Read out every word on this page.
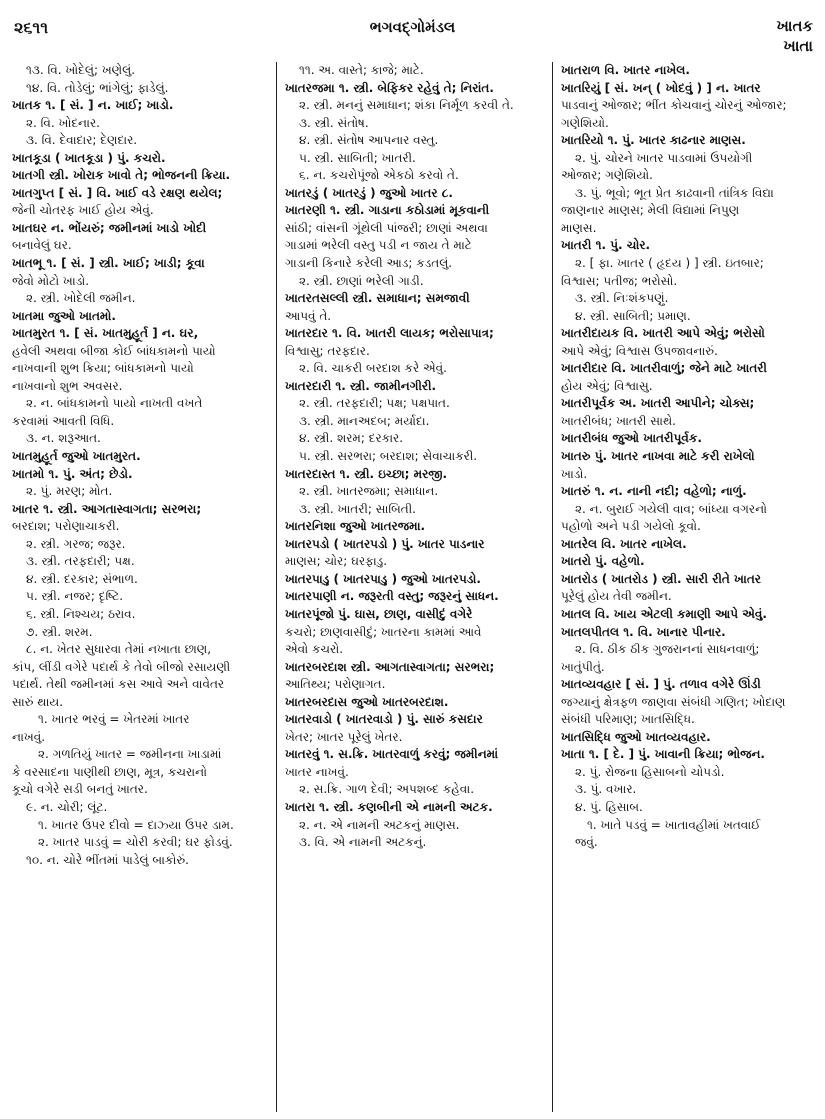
૨૬૧૧	ભગવદ્ગોમંડલ	ખાતક
ખાતા
૧૩. વિ. ખોદેલું; ખણેલું.
૧૪. વિ. તોડેલું; ભાંગેલું; ફાડેલું.
ખાતક ૧. [ સં. ] ન. ખાઈ; ખાડો.
૨. વિ. ખોદનાર.
૩. વિ. દેવાદાર; દેણદાર.
ખાતકૂડા ( ખાતકૂડા ) પું. કચરો.
ખાતગી સ્ત્રી. ખોરાક ખાવો તે; ભોજનની ક્રિયા.
ખાતગુપ્ત [ સં. ] વિ. ખાઈ વડે રક્ષણ થયેલ;
જેની ચોતરફ ખાઈ હોય એવું.
ખાતઘર ન. ભોંયરું; જમીનમાં ખાડો ખોદી
બનાવેલું ઘર.
ખાતભૂ ૧. [ સં. ] સ્ત્રી. ખાઈ; ખાડી; કૂવા
જેવો મોટો ખાડો.
૨. સ્ત્રી. ખોદેલી જમીન.
ખાતમા જુઓ ખાતમો.
ખાતમુરત ૧. [ સં. ખાતમુહૂર્ત ] ન. ઘર,
હવેલી અથવા બીજા કોઈ બાંધકામનો પાયો
નાખવાની શુભ ક્રિયા; બાંધકામનો પાયો
નાખવાનો શુભ અવસર.
૨. ન. બાંધકામનો પાયો નાખતી વખતે
કરવામાં આવતી વિધિ.
૩. ન. શરૂઆત.
ખાતમુહૂર્ત જુઓ ખાતમુરત.
ખાતમો ૧. પું. અંત; છેડો.
૨. પું. મરણ; મોત.
ખાતર ૧. સ્ત્રી. આગતાસ્વાગતા; સરભરા;
બરદાશ; પરોણાચાકરી.
૨. સ્ત્રી. ગરજ; જરૂર.
૩. સ્ત્રી. તરફદારી; પક્ષ.
૪. સ્ત્રી. દરકાર; સંભાળ.
૫. સ્ત્રી. નજર; દૃષ્ટિ.
૬. સ્ત્રી. નિશ્ચય; ઠરાવ.
૭. સ્ત્રી. શરમ.
૮. ન. ખેતર સુધારવા તેમાં નખાતા છાણ,
કાંપ, લીંડી વગેરે પદાર્થ કે તેવો બીજો રસાયણી
પદાર્થ. તેથી જમીનમાં કસ આવે અને વાવેતર
સારું થાય.
૧. ખાતર ભરવું = ખેતરમાં ખાતર
નાખવું.
૨. ગળતિયું ખાતર = જમીનના ખાડામાં
કે વરસાદના પાણીથી છાણ, મૂત્ર, કચરાનો
કૂચો વગેરે સડી બનતું ખાતર.
૯. ન. ચોરી; લૂંટ.
૧. ખાતર ઉપર દીવો = દાઝ્યા ઉપર ડામ.
૨. ખાતર પાડવું = ચોરી કરવી; ઘર ફોડવું.
૧૦. ન. ચોરે ભીંતમાં પાડેલું બાકોરું.
૧૧. અ. વાસ્તે; કાજે; માટે.
ખાતરજમા ૧. સ્ત્રી. બેફિકર રહેવું તે; નિરાંત.
૨. સ્ત્રી. મનનું સમાધાન; શંકા નિર્મૂળ કરવી તે.
૩. સ્ત્રી. સંતોષ.
૪. સ્ત્રી. સંતોષ આપનાર વસ્તુ.
૫. સ્ત્રી. સાબિતી; ખાતરી.
૬. ન. કચરોપૂંજો એકઠો કરવો તે.
ખાતરડું ( ખાતરડું ) જુઓ ખાતર ૮.
ખાતરણી ૧. સ્ત્રી. ગાડાના કઠોડામાં મૂકવાની
સાંઠી; વાંસની ગૂંથેલી પાંજરી; છાણાં અથવા
ગાડામાં ભરેલી વસ્તુ પડી ન જાય તે માટે
ગાડાની કિનારે કરેલી આડ; કડતલું.
૨. સ્ત્રી. છાણાં ભરેલી ગાડી.
ખાતરતસલ્લી સ્ત્રી. સમાધાન; સમજાવી
આપવું તે.
ખાતરદાર ૧. વિ. ખાતરી લાયક; ભરોસાપાત્ર;
વિશ્વાસુ; તરફદાર.
૨. વિ. ચાકરી બરદાશ કરે એવું.
ખાતરદારી ૧. સ્ત્રી. જામીનગીરી.
૨. સ્ત્રી. તરફદારી; પક્ષ; પક્ષપાત.
૩. સ્ત્રી. માનઅદબ; મર્યાદા.
૪. સ્ત્રી. શરમ; દરકાર.
૫. સ્ત્રી. સરભરા; બરદાશ; સેવાચાકરી.
ખાતરદાસ્ત ૧. સ્ત્રી. ઇચ્છા; મરજી.
૨. સ્ત્રી. ખાતરજમા; સમાધાન.
૩. સ્ત્રી. ખાતરી; સાબિતી.
ખાતરનિશા જુઓ ખાતરજમા.
ખાતરપડો ( ખાતરપડો ) પું. ખાતર પાડનાર
માણસ; ચોર; ઘરફાડુ.
ખાતરપાડુ ( ખાતરપાડુ ) જુઓ ખાતરપડો.
ખાતરપાણી ન. જરૂરતી વસ્તુ; જરૂરનું સાધન.
ખાતરપૂંજો પું. ઘાસ, છાણ, વાસીદું વગેરે
કચરો; છાણવાસીદું; ખાતરના કામમાં આવે
એવો કચરો.
ખાતરબરદાશ સ્ત્રી. આગતાસ્વાગતા; સરભરા;
આતિથ્ય; પરોણાગત.
ખાતરબરદાસ જુઓ ખાતરબરદાશ.
ખાતરવાડો ( ખાતરવાડો ) પું. સારું કસદાર
ખેતર; ખાતર પૂરેલું ખેતર.
ખાતરવું ૧. સ.ક્રિ. ખાતરવાળું કરવું; જમીનમાં
ખાતર નાખવું.
૨. સ.ક્રિ. ગાળ દેવી; અપશબ્દ કહેવા.
ખાતરા ૧. સ્ત્રી. કણબીની એ નામની અટક.
૨. ન. એ નામની અટકનું માણસ.
૩. વિ. એ નામની અટકનું.
ખાતરાળ વિ. ખાતર નાખેલ.
ખાતરિયું [ સં. ખન્ ( ખોદવું ) ] ન. ખાતર
પાડવાનું ઓજાર; ભીંત કોચવાનું ચોરનું ઓજાર;
ગણેશિયો.
ખાતરિયો ૧. પું. ખાતર કાઢનાર માણસ.
૨. પું. ચોરને ખાતર પાડવામાં ઉપયોગી
ઓજાર; ગણેશિયો.
૩. પું. ભૂવો; ભૂત પ્રેત કાઢવાની તાંત્રિક વિદ્યા
જાણનાર માણસ; મેલી વિદ્યામાં નિપુણ
માણસ.
ખાતરી ૧. પું. ચોર.
૨. [ ફા. ખાતર ( હૃદય ) ] સ્ત્રી. ઇતબાર;
વિશ્વાસ; પતીજ; ભરોસો.
૩. સ્ત્રી. નિઃશંકપણું.
૪. સ્ત્રી. સાબિતી; પ્રમાણ.
ખાતરીદાયક વિ. ખાતરી આપે એવું; ભરોસો
આપે એવું; વિશ્વાસ ઉપજાવનારું.
ખાતરીદાર વિ. ખાતરીવાળું; જેને માટે ખાતરી
હોય એવું; વિશ્વાસુ.
ખાતરીપૂર્વક અ. ખાતરી આપીને; ચોક્સ;
ખાતરીબંધ; ખાતરી સાથે.
ખાતરીબંધ જુઓ ખાતરીપૂર્વક.
ખાતરુ પું. ખાતર નાખવા માટે કરી રાખેલો
ખાડો.
ખાતરું ૧. ન. નાની નદી; વહેળો; નાળું.
૨. ન. બુરાઈ ગયેલી વાવ; બાંધ્યા વગરનો
પહોળો અને પડી ગયેલો કૂવો.
ખાતરેલ વિ. ખાતર નાખેલ.
ખાતરો પું. વહેળો.
ખાતરોડ ( ખાતરોડ ) સ્ત્રી. સારી રીતે ખાતર
પૂરેલું હોય તેવી જમીન.
ખાતલ વિ. ખાય એટલી કમાણી આપે એવું.
ખાતલપીતલ ૧. વિ. ખાનાર પીનાર.
૨. વિ. ઠીક ઠીક ગુજરાનનાં સાધનવાળું;
ખાતુંપીતું.
ખાતવ્યવહાર [ સં. ] પું. તળાવ વગેરે ઊંડી
જગ્યાનું ક્ષેત્રફળ જાણવા સંબંધી ગણિત; ખોદાણ
સંબંધી પરિમાણ; ખાતસિદ્ધિ.
ખાતસિદ્ધિ જુઓ ખાતવ્યવહાર.
ખાતા ૧. [ દે. ] પું. ખાવાની ક્રિયા; ભોજન.
૨. પું. રોજના હિસાબનો ચોપડો.
૩. પું. વખાર.
૪. પું. હિસાબ.
૧. ખાતે પડવું = ખાતાવહીમાં ખતવાઈ
જવું.
